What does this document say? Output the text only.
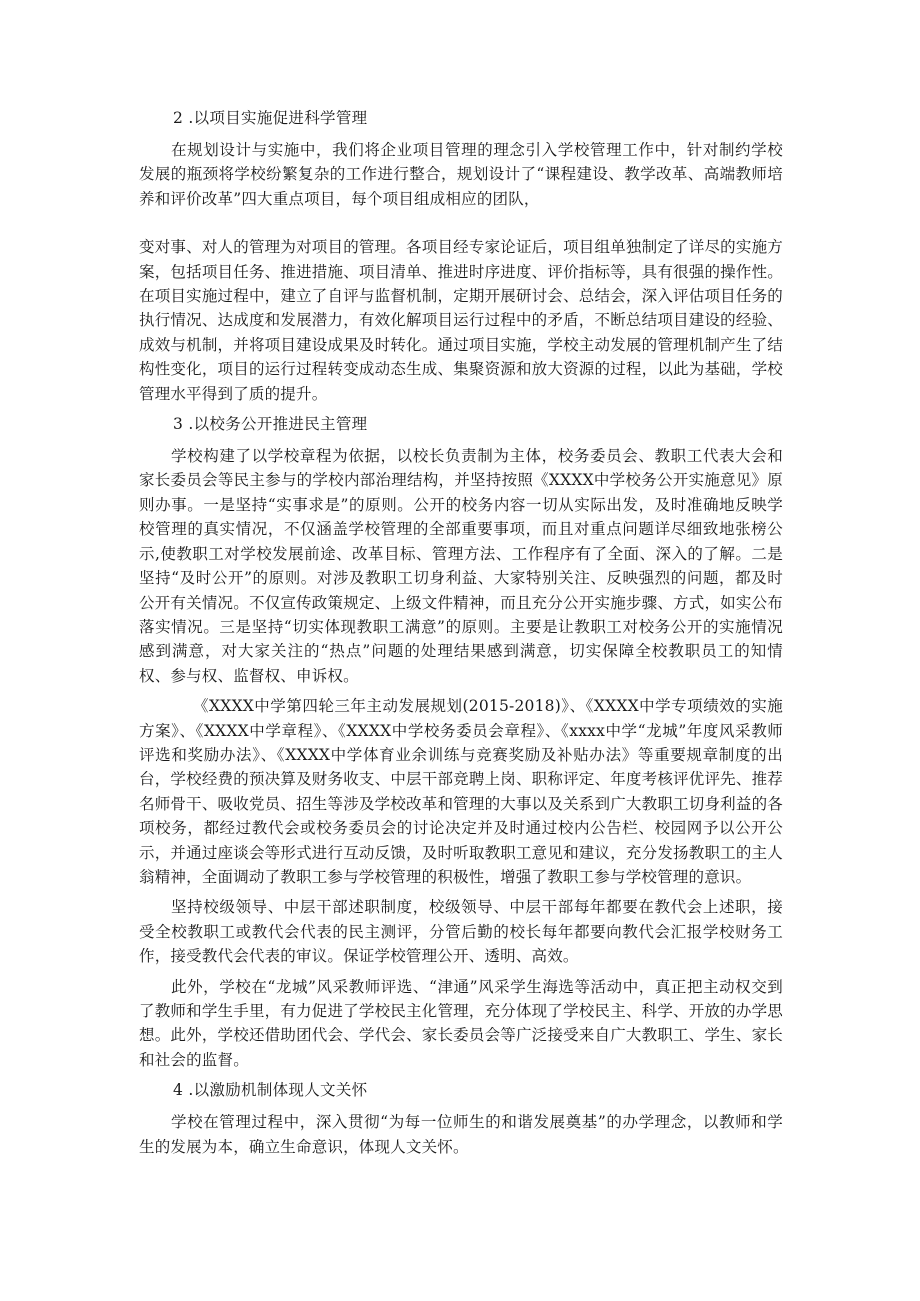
2 .以项目实施促进科学管理

在规划设计与实施中，我们将企业项目管理的理念引入学校管理工作中，针对制约学校发展的瓶颈将学校纷繁复杂的工作进行整合，规划设计了“课程建设、教学改革、高端教师培养和评价改革”四大重点项目，每个项目组成相应的团队，

变对事、对人的管理为对项目的管理。各项目经专家论证后，项目组单独制定了详尽的实施方案，包括项目任务、推进措施、项目清单、推进时序进度、评价指标等，具有很强的操作性。在项目实施过程中，建立了自评与监督机制，定期开展研讨会、总结会，深入评估项目任务的执行情况、达成度和发展潜力，有效化解项目运行过程中的矛盾，不断总结项目建设的经验、成效与机制，并将项目建设成果及时转化。通过项目实施，学校主动发展的管理机制产生了结构性变化，项目的运行过程转变成动态生成、集聚资源和放大资源的过程，以此为基础，学校管理水平得到了质的提升。

3 .以校务公开推进民主管理

学校构建了以学校章程为依据，以校长负责制为主体，校务委员会、教职工代表大会和家长委员会等民主参与的学校内部治理结构，并坚持按照《XXXX中学校务公开实施意见》原则办事。一是坚持“实事求是”的原则。公开的校务内容一切从实际出发，及时准确地反映学校管理的真实情况，不仅涵盖学校管理的全部重要事项，而且对重点问题详尽细致地张榜公示,使教职工对学校发展前途、改革目标、管理方法、工作程序有了全面、深入的了解。二是坚持“及时公开”的原则。对涉及教职工切身利益、大家特别关注、反映强烈的问题，都及时公开有关情况。不仅宣传政策规定、上级文件精神，而且充分公开实施步骤、方式，如实公布落实情况。三是坚持“切实体现教职工满意”的原则。主要是让教职工对校务公开的实施情况感到满意，对大家关注的“热点”问题的处理结果感到满意，切实保障全校教职员工的知情权、参与权、监督权、申诉权。

《XXXX中学第四轮三年主动发展规划(2015-2018)》、《XXXX中学专项绩效的实施方案》、《XXXX中学章程》、《XXXX中学校务委员会章程》、《xxxx中学“龙城”年度风采教师评选和奖励办法》、《XXXX中学体育业余训练与竞赛奖励及补贴办法》等重要规章制度的出台，学校经费的预决算及财务收支、中层干部竞聘上岗、职称评定、年度考核评优评先、推荐名师骨干、吸收党员、招生等涉及学校改革和管理的大事以及关系到广大教职工切身利益的各项校务，都经过教代会或校务委员会的讨论决定并及时通过校内公告栏、校园网予以公开公示，并通过座谈会等形式进行互动反馈，及时听取教职工意见和建议，充分发扬教职工的主人翁精神，全面调动了教职工参与学校管理的积极性，增强了教职工参与学校管理的意识。

坚持校级领导、中层干部述职制度，校级领导、中层干部每年都要在教代会上述职，接受全校教职工或教代会代表的民主测评，分管后勤的校长每年都要向教代会汇报学校财务工作，接受教代会代表的审议。保证学校管理公开、透明、高效。

此外，学校在“龙城”风采教师评选、“津通”风采学生海选等活动中，真正把主动权交到了教师和学生手里，有力促进了学校民主化管理，充分体现了学校民主、科学、开放的办学思想。此外，学校还借助团代会、学代会、家长委员会等广泛接受来自广大教职工、学生、家长和社会的监督。

4 .以激励机制体现人文关怀

学校在管理过程中，深入贯彻“为每一位师生的和谐发展奠基”的办学理念，以教师和学生的发展为本，确立生命意识，体现人文关怀。
